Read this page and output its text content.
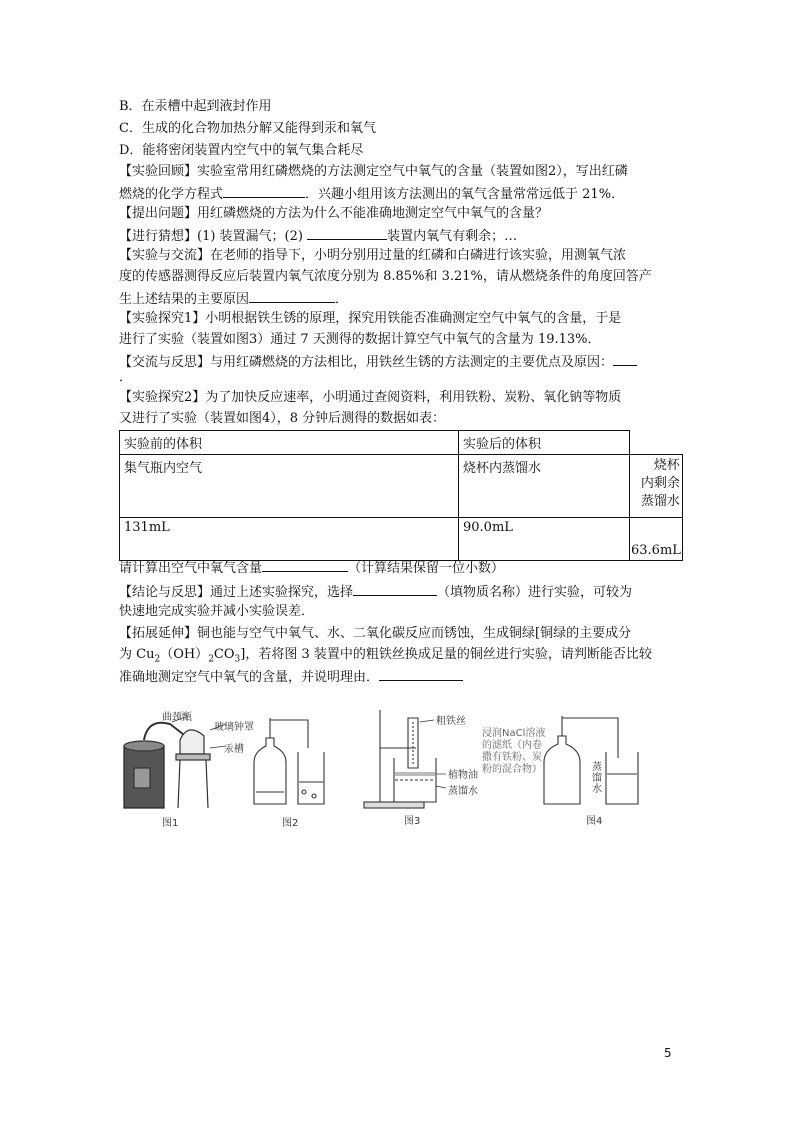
B．在汞槽中起到液封作用
C．生成的化合物加热分解又能得到汞和氧气
D．能将密闭装置内空气中的氧气集合耗尽
【实验回顾】实验室常用红磷燃烧的方法测定空气中氧气的含量（装置如图2），写出红磷
燃烧的化学方程式	．兴趣小组用该方法测出的氧气含量常常远低于 21%．
【提出问题】用红磷燃烧的方法为什么不能准确地测定空气中氧气的含量？
【进行猜想】(1) 装置漏气；(2)	装置内氧气有剩余；…
【实验与交流】在老师的指导下，小明分别用过量的红磷和白磷进行该实验，用测氧气浓
度的传感器测得反应后装置内氧气浓度分别为 8.85%和 3.21%，请从燃烧条件的角度回答产
生上述结果的主要原因	．
【实验探究1】小明根据铁生锈的原理，探究用铁能否准确测定空气中氧气的含量，于是
进行了实验（装置如图3）通过 7 天测得的数据计算空气中氧气的含量为 19.13%．
【交流与反思】与用红磷燃烧的方法相比，用铁丝生锈的方法测定的主要优点及原因：
．
【实验探究2】为了加快反应速率，小明通过查阅资料，利用铁粉、炭粉、氧化钠等物质
又进行了实验（装置如图4），8 分钟后测得的数据如表：
实验前的体积	实验后的体积	
集气瓶内空气	烧杯内蒸馏水	烧杯
内剩余
蒸馏水

131mL	90.0mL	63.6mL
请计算出空气中氧气含量	（计算结果保留一位小数）
【结论与反思】通过上述实验探究，选择	（填物质名称）进行实验，可较为
快速地完成实验并减小实验误差．
【拓展延伸】铜也能与空气中氧气、水、二氧化碳反应而锈蚀，生成铜绿[铜绿的主要成分
为 $Cu_2(OH)_2CO_3$]，若将图 3 装置中的粗铁丝换成足量的铜丝进行实验，请判断能否比较
准确地测定空气中氧气的含量，并说明理由．
曲颈甑
玻璃钟罩
汞槽
图1	图2
粗铁丝
植物油
蒸馏水
图3
浸润NaCl溶液
的滤纸（内卷
撒有铁粉、炭
粉的混合物）	蒸
馏
水
图4
5
